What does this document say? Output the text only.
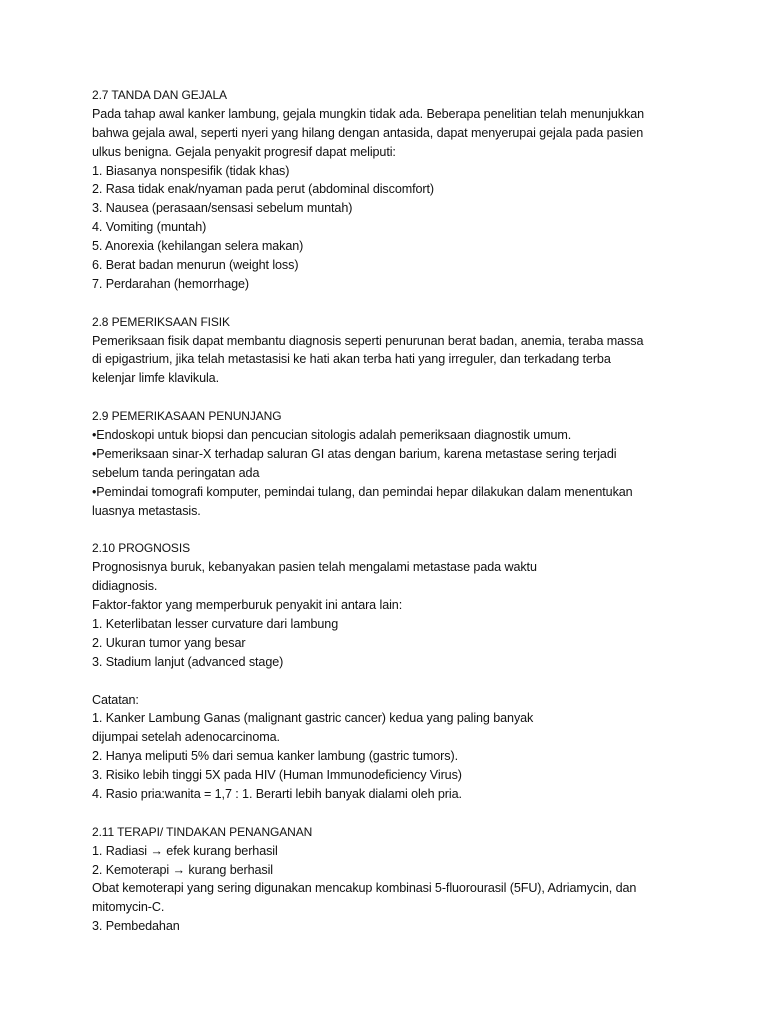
2.7 TANDA DAN GEJALA
Pada tahap awal kanker lambung, gejala mungkin tidak ada. Beberapa penelitian telah menunjukkan
bahwa gejala awal, seperti nyeri yang hilang dengan antasida, dapat menyerupai gejala pada pasien
ulkus benigna. Gejala penyakit progresif dapat meliputi:
1. Biasanya nonspesifik (tidak khas)
2. Rasa tidak enak/nyaman pada perut (abdominal discomfort)
3. Nausea (perasaan/sensasi sebelum muntah)
4. Vomiting (muntah)
5. Anorexia (kehilangan selera makan)
6. Berat badan menurun (weight loss)
7. Perdarahan (hemorrhage)
2.8 PEMERIKSAAN FISIK
Pemeriksaan fisik dapat membantu diagnosis seperti penurunan berat badan, anemia, teraba massa
di epigastrium, jika telah metastasisi ke hati akan terba hati yang irreguler, dan terkadang terba
kelenjar limfe klavikula.
2.9 PEMERIKASAAN PENUNJANG
•Endoskopi untuk biopsi dan pencucian sitologis adalah pemeriksaan diagnostik umum.
•Pemeriksaan sinar-X terhadap saluran GI atas dengan barium, karena metastase sering terjadi
sebelum tanda peringatan ada
•Pemindai tomografi komputer, pemindai tulang, dan pemindai hepar dilakukan dalam menentukan
luasnya metastasis.
2.10 PROGNOSIS
Prognosisnya buruk, kebanyakan pasien telah mengalami metastase pada waktu
didiagnosis.
Faktor-faktor yang memperburuk penyakit ini antara lain:
1. Keterlibatan lesser curvature dari lambung
2. Ukuran tumor yang besar
3. Stadium lanjut (advanced stage)
Catatan:
1. Kanker Lambung Ganas (malignant gastric cancer) kedua yang paling banyak
dijumpai setelah adenocarcinoma.
2. Hanya meliputi 5% dari semua kanker lambung (gastric tumors).
3. Risiko lebih tinggi 5X pada HIV (Human Immunodeficiency Virus)
4. Rasio pria:wanita = 1,7 : 1. Berarti lebih banyak dialami oleh pria.
2.11 TERAPI/ TINDAKAN PENANGANAN
1. Radiasi → efek kurang berhasil
2. Kemoterapi → kurang berhasil
Obat kemoterapi yang sering digunakan mencakup kombinasi 5-fluorourasil (5FU), Adriamycin, dan
mitomycin-C.
3. Pembedahan
